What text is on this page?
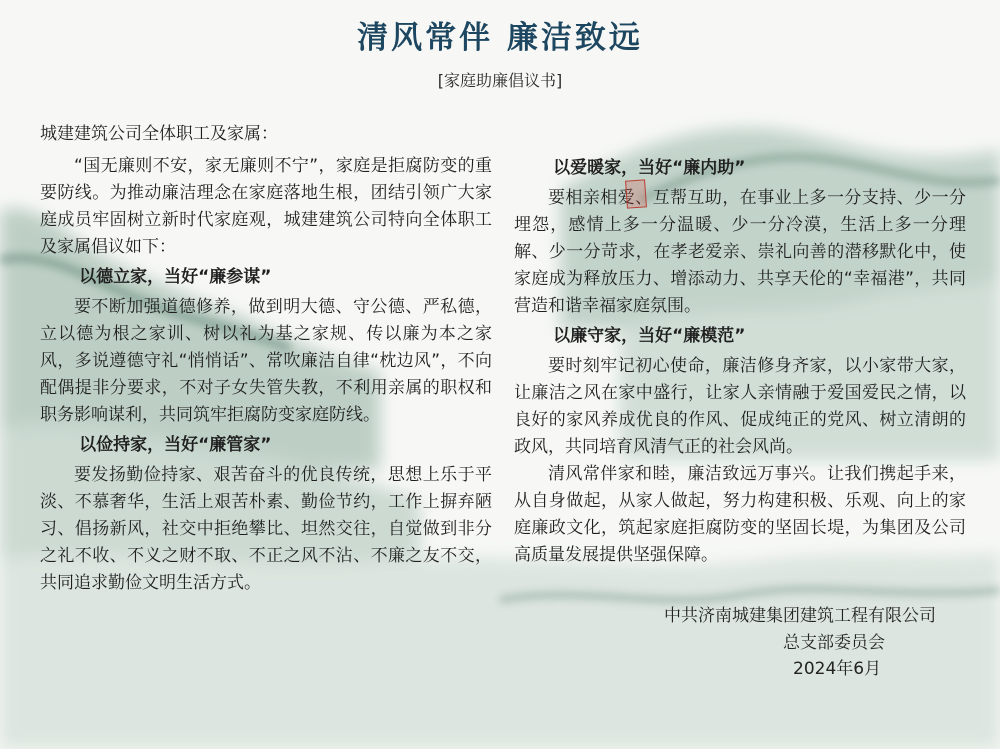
清风常伴 廉洁致远
[家庭助廉倡议书]

城建建筑公司全体职工及家属：

“国无廉则不安，家无廉则不宁”，家庭是拒腐防变的重要防线。为推动廉洁理念在家庭落地生根，团结引领广大家庭成员牢固树立新时代家庭观，城建建筑公司特向全体职工及家属倡议如下：

以德立家，当好“廉参谋”

要不断加强道德修养，做到明大德、守公德、严私德，立以德为根之家训、树以礼为基之家规、传以廉为本之家风，多说遵德守礼“悄悄话”、常吹廉洁自律“枕边风”，不向配偶提非分要求，不对子女失管失教，不利用亲属的职权和职务影响谋利，共同筑牢拒腐防变家庭防线。

以俭持家，当好“廉管家”

要发扬勤俭持家、艰苦奋斗的优良传统，思想上乐于平淡、不慕奢华，生活上艰苦朴素、勤俭节约，工作上摒弃陋习、倡扬新风，社交中拒绝攀比、坦然交往，自觉做到非分之礼不收、不义之财不取、不正之风不沾、不廉之友不交，共同追求勤俭文明生活方式。

以爱暖家，当好“廉内助”

要相亲相爱、互帮互助，在事业上多一分支持、少一分埋怨，感情上多一分温暖、少一分冷漠，生活上多一分理解、少一分苛求，在孝老爱亲、崇礼向善的潜移默化中，使家庭成为释放压力、增添动力、共享天伦的“幸福港”，共同营造和谐幸福家庭氛围。

以廉守家，当好“廉模范”

要时刻牢记初心使命，廉洁修身齐家，以小家带大家，让廉洁之风在家中盛行，让家人亲情融于爱国爱民之情，以良好的家风养成优良的作风、促成纯正的党风、树立清朗的政风，共同培育风清气正的社会风尚。

清风常伴家和睦，廉洁致远万事兴。让我们携起手来，从自身做起，从家人做起，努力构建积极、乐观、向上的家庭廉政文化，筑起家庭拒腐防变的坚固长堤，为集团及公司高质量发展提供坚强保障。

中共济南城建集团建筑工程有限公司
总支部委员会
2024年6月
